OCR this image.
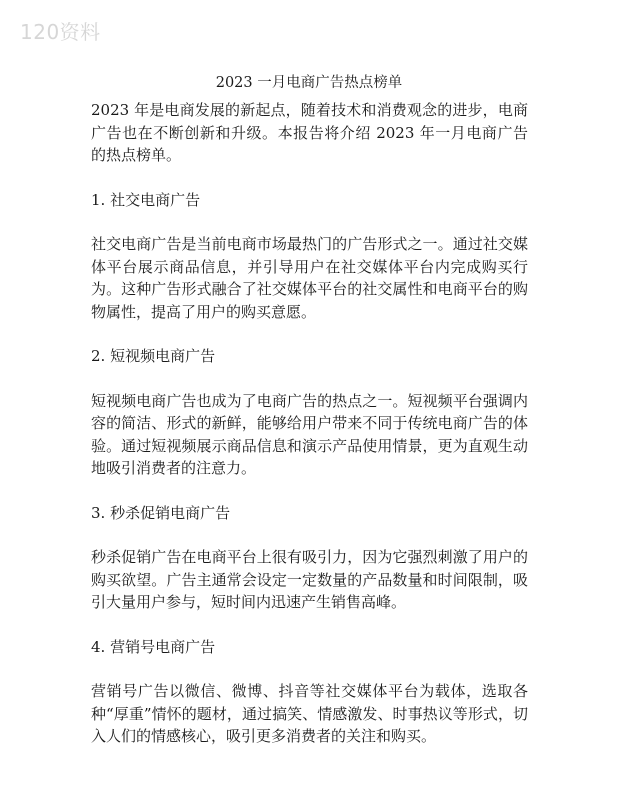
120资料
2023 一月电商广告热点榜单

2023 年是电商发展的新起点，随着技术和消费观念的进步，电商广告也在不断创新和升级。本报告将介绍 2023 年一月电商广告的热点榜单。

1. 社交电商广告

社交电商广告是当前电商市场最热门的广告形式之一。通过社交媒体平台展示商品信息，并引导用户在社交媒体平台内完成购买行为。这种广告形式融合了社交媒体平台的社交属性和电商平台的购物属性，提高了用户的购买意愿。

2. 短视频电商广告

短视频电商广告也成为了电商广告的热点之一。短视频平台强调内容的简洁、形式的新鲜，能够给用户带来不同于传统电商广告的体验。通过短视频展示商品信息和演示产品使用情景，更为直观生动地吸引消费者的注意力。

3. 秒杀促销电商广告

秒杀促销广告在电商平台上很有吸引力，因为它强烈刺激了用户的购买欲望。广告主通常会设定一定数量的产品数量和时间限制，吸引大量用户参与，短时间内迅速产生销售高峰。

4. 营销号电商广告

营销号广告以微信、微博、抖音等社交媒体平台为载体，选取各种“厚重”情怀的题材，通过搞笑、情感激发、时事热议等形式，切入人们的情感核心，吸引更多消费者的关注和购买。
